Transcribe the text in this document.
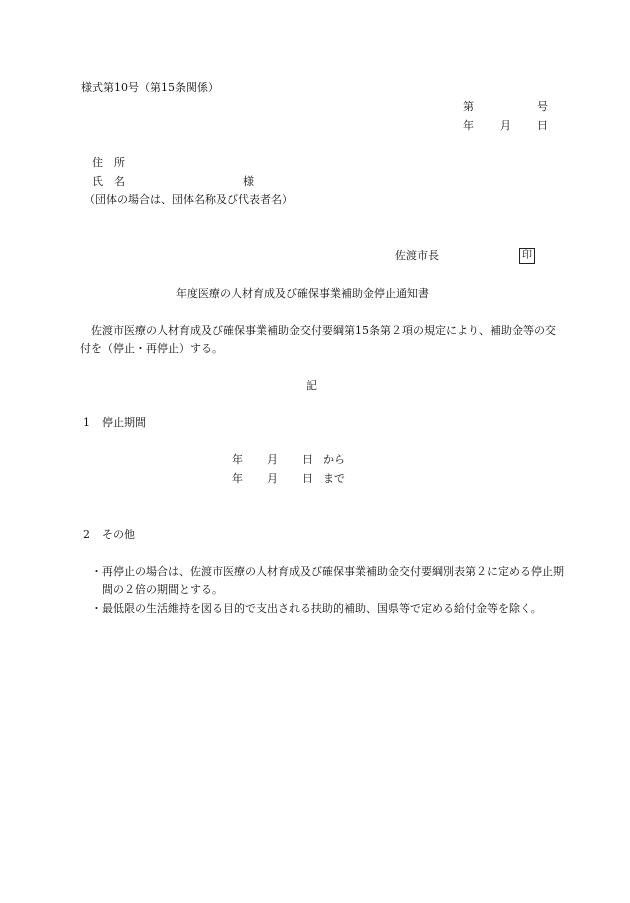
様式第10号（第15条関係）
第	号
年 月 日
住　所
氏　名	様
（団体の場合は、団体名称及び代表者名）
佐渡市長	印
年度医療の人材育成及び確保事業補助金停止通知書
佐渡市医療の人材育成及び確保事業補助金交付要綱第15条第２項の規定により、補助金等の交付を（停止・再停止）する。
記
1 停止期間
年 月 日 から
年 月 日 まで
2 その他
・再停止の場合は、佐渡市医療の人材育成及び確保事業補助金交付要綱別表第２に定める停止期間の２倍の期間とする。
・最低限の生活維持を図る目的で支出される扶助的補助、国県等で定める給付金等を除く。
